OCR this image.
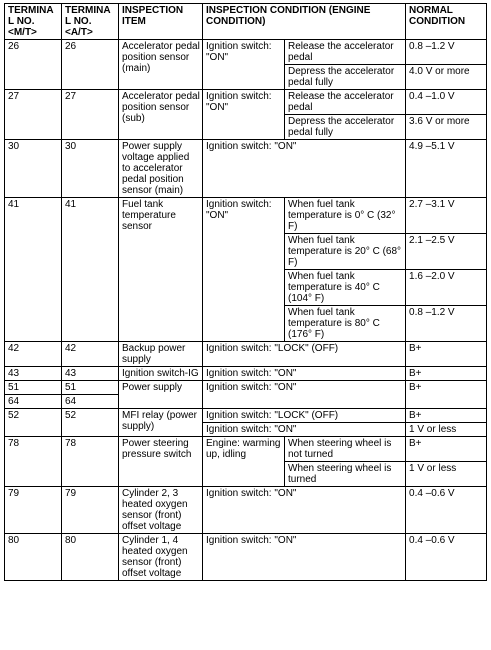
TERMINAL NO. <M/T>	TERMINAL NO. <A/T>	INSPECTION ITEM	INSPECTION CONDITION (ENGINE CONDITION)		NORMAL CONDITION
26	26	Accelerator pedal position sensor (main)	Ignition switch: "ON"	Release the accelerator pedal	0.8 –1.2 V
				Depress the accelerator pedal fully	4.0 V or more
27	27	Accelerator pedal position sensor (sub)	Ignition switch: "ON"	Release the accelerator pedal	0.4 –1.0 V
				Depress the accelerator pedal fully	3.6 V or more
30	30	Power supply voltage applied to accelerator pedal position sensor (main)	Ignition switch: "ON"		4.9 –5.1 V
41	41	Fuel tank temperature sensor	Ignition switch: "ON"	When fuel tank temperature is 0° C (32° F)	2.7 –3.1 V
				When fuel tank temperature is 20° C (68° F)	2.1 –2.5 V
				When fuel tank temperature is 40° C (104° F)	1.6 –2.0 V
				When fuel tank temperature is 80° C (176° F)	0.8 –1.2 V
42	42	Backup power supply	Ignition switch: "LOCK" (OFF)		B+
43	43	Ignition switch-IG	Ignition switch: "ON"		B+
51	51	Power supply	Ignition switch: "ON"		B+
64	64				
52	52	MFI relay (power supply)	Ignition switch: "LOCK" (OFF)		B+
			Ignition switch: "ON"		1 V or less
78	78	Power steering pressure switch	Engine: warming up, idling	When steering wheel is not turned	B+
				When steering wheel is turned	1 V or less
79	79	Cylinder 2, 3 heated oxygen sensor (front) offset voltage	Ignition switch: "ON"		0.4 –0.6 V
80	80	Cylinder 1, 4 heated oxygen sensor (front) offset voltage	Ignition switch: "ON"		0.4 –0.6 V
